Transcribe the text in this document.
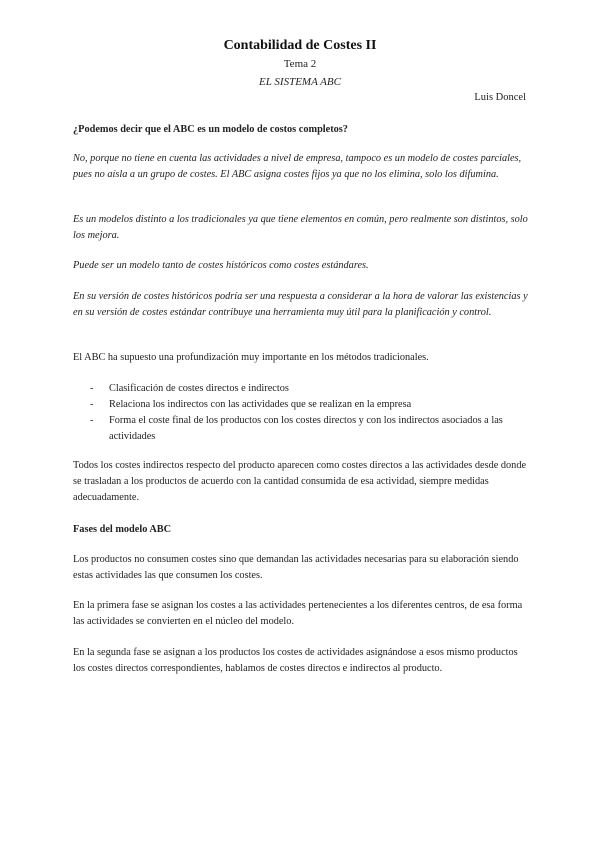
Contabilidad de Costes II
Tema 2
EL SISTEMA ABC
Luis Doncel

¿Podemos decir que el ABC es un modelo de costos completos?

No, porque no tiene en cuenta las actividades a nivel de empresa, tampoco es un modelo de costes parciales, pues no aísla a un grupo de costes. El ABC asigna costes fijos ya que no los elimina, solo los difumina.

Es un modelos distinto a los tradicionales ya que tiene elementos en común, pero realmente son distintos, solo los mejora.

Puede ser un modelo tanto de costes históricos como costes estándares.

En su versión de costes históricos podría ser una respuesta a considerar a la hora de valorar las existencias y en su versión de costes estándar contribuye una herramienta muy útil para la planificación y control.

El ABC ha supuesto una profundización muy importante en los métodos tradicionales.

- Clasificación de costes directos e indirectos
- Relaciona los indirectos con las actividades que se realizan en la empresa
- Forma el coste final de los productos con los costes directos y con los indirectos asociados a las actividades

Todos los costes indirectos respecto del producto aparecen como costes directos a las actividades desde donde se trasladan a los productos de acuerdo con la cantidad consumida de esa actividad, siempre medidas adecuadamente.

Fases del modelo ABC

Los productos no consumen costes sino que demandan las actividades necesarias para su elaboración siendo estas actividades las que consumen los costes.

En la primera fase se asignan los costes a las actividades pertenecientes a los diferentes centros, de esa forma las actividades se convierten en el núcleo del modelo.

En la segunda fase se asignan a los productos los costes de actividades asignándose a esos mismo productos los costes directos correspondientes, hablamos de costes directos e indirectos al producto.
